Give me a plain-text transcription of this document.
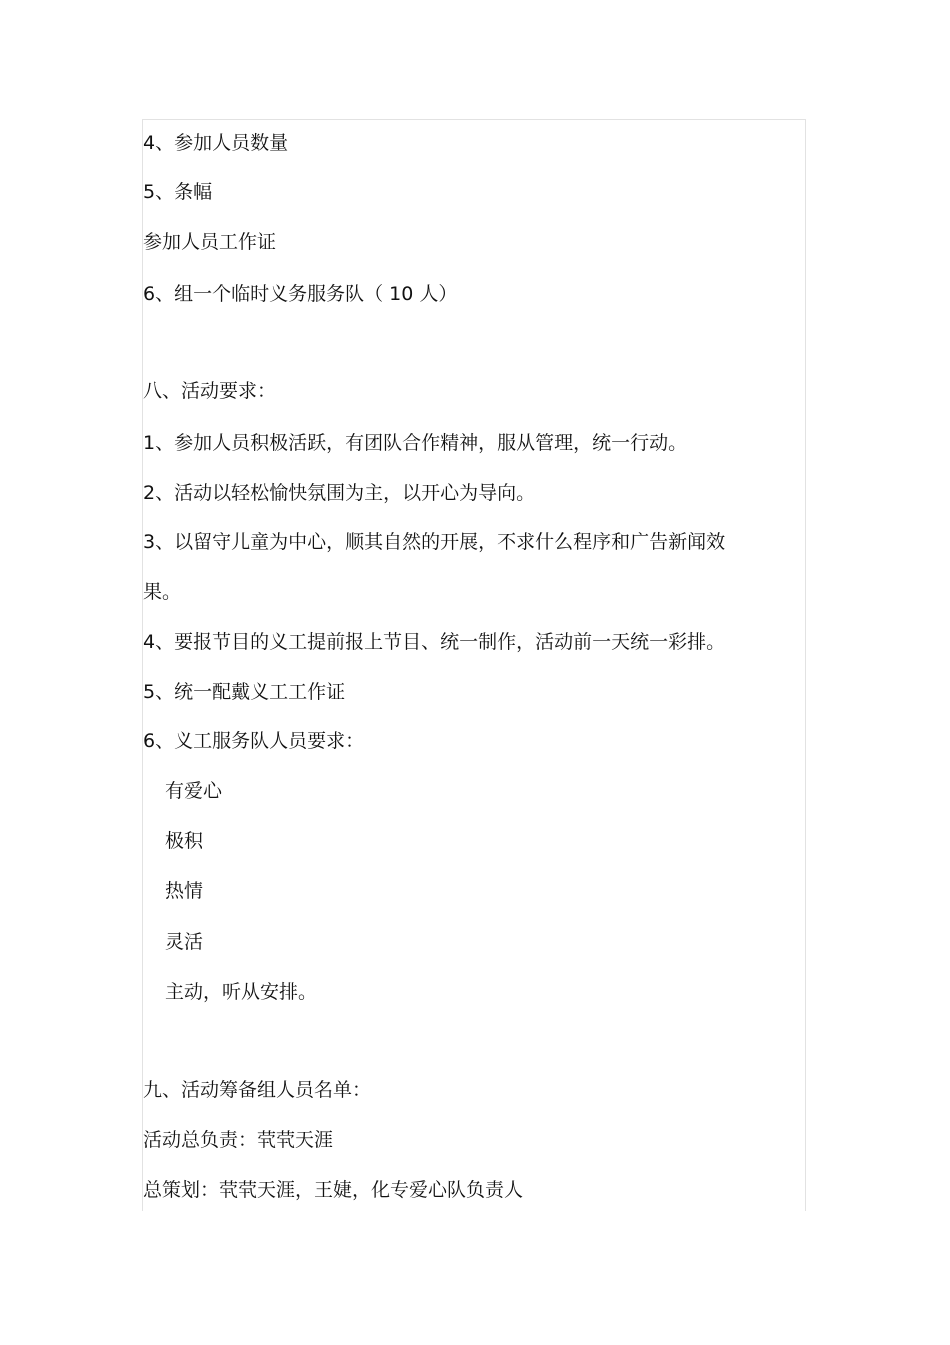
4、参加人员数量
5、条幅
参加人员工作证
6、组一个临时义务服务队（ 10 人）
八、活动要求：
1、参加人员积极活跃，有团队合作精神，服从管理，统一行动。
2、活动以轻松愉快氛围为主，以开心为导向。
3、以留守儿童为中心，顺其自然的开展，不求什么程序和广告新闻效
果。
4、要报节目的义工提前报上节目、统一制作，活动前一天统一彩排。
5、统一配戴义工工作证
6、义工服务队人员要求：
有爱心
极积
热情
灵活
主动，听从安排。
九、活动筹备组人员名单：
活动总负责：茕茕天涯
总策划：茕茕天涯，王婕，化专爱心队负责人
